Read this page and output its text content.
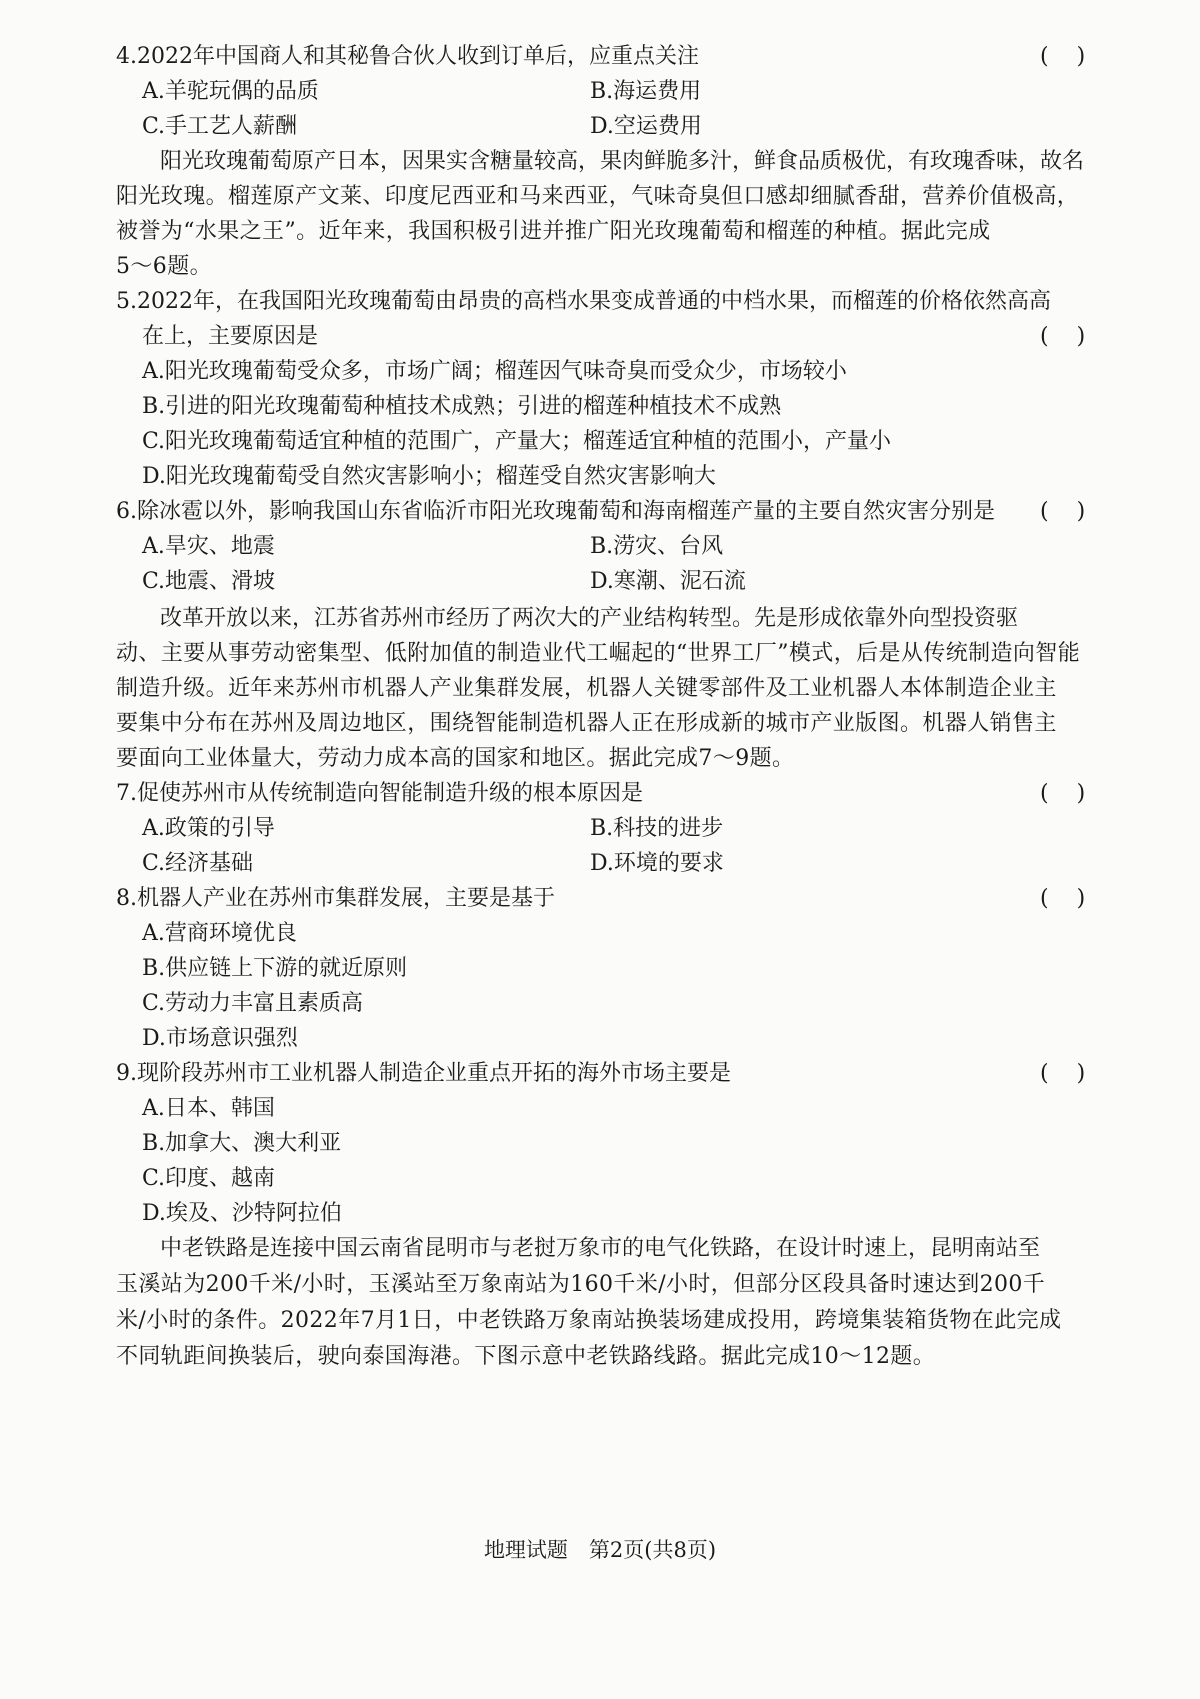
4.2022年中国商人和其秘鲁合伙人收到订单后，应重点关注	()
A.羊驼玩偶的品质	B.海运费用
C.手工艺人薪酬	D.空运费用
阳光玫瑰葡萄原产日本，因果实含糖量较高，果肉鲜脆多汁，鲜食品质极优，有玫瑰香味，故名
阳光玫瑰。榴莲原产文莱、印度尼西亚和马来西亚，气味奇臭但口感却细腻香甜，营养价值极高，
被誉为“水果之王”。近年来，我国积极引进并推广阳光玫瑰葡萄和榴莲的种植。据此完成
5～6题。
5.2022年，在我国阳光玫瑰葡萄由昂贵的高档水果变成普通的中档水果，而榴莲的价格依然高高
在上，主要原因是	()
A.阳光玫瑰葡萄受众多，市场广阔；榴莲因气味奇臭而受众少，市场较小
B.引进的阳光玫瑰葡萄种植技术成熟；引进的榴莲种植技术不成熟
C.阳光玫瑰葡萄适宜种植的范围广，产量大；榴莲适宜种植的范围小，产量小
D.阳光玫瑰葡萄受自然灾害影响小；榴莲受自然灾害影响大
6.除冰雹以外，影响我国山东省临沂市阳光玫瑰葡萄和海南榴莲产量的主要自然灾害分别是 ()
A.旱灾、地震	B.涝灾、台风
C.地震、滑坡	D.寒潮、泥石流
改革开放以来，江苏省苏州市经历了两次大的产业结构转型。先是形成依靠外向型投资驱
动、主要从事劳动密集型、低附加值的制造业代工崛起的“世界工厂”模式，后是从传统制造向智能
制造升级。近年来苏州市机器人产业集群发展，机器人关键零部件及工业机器人本体制造企业主
要集中分布在苏州及周边地区，围绕智能制造机器人正在形成新的城市产业版图。机器人销售主
要面向工业体量大，劳动力成本高的国家和地区。据此完成7～9题。
7.促使苏州市从传统制造向智能制造升级的根本原因是	()
A.政策的引导	B.科技的进步
C.经济基础	D.环境的要求
8.机器人产业在苏州市集群发展，主要是基于	()
A.营商环境优良
B.供应链上下游的就近原则
C.劳动力丰富且素质高
D.市场意识强烈
9.现阶段苏州市工业机器人制造企业重点开拓的海外市场主要是	()
A.日本、韩国
B.加拿大、澳大利亚
C.印度、越南
D.埃及、沙特阿拉伯
中老铁路是连接中国云南省昆明市与老挝万象市的电气化铁路，在设计时速上，昆明南站至
玉溪站为200千米/小时，玉溪站至万象南站为160千米/小时，但部分区段具备时速达到200千
米/小时的条件。2022年7月1日，中老铁路万象南站换装场建成投用，跨境集装箱货物在此完成
不同轨距间换装后，驶向泰国海港。下图示意中老铁路线路。据此完成10～12题。
地理试题　第2页(共8页)
